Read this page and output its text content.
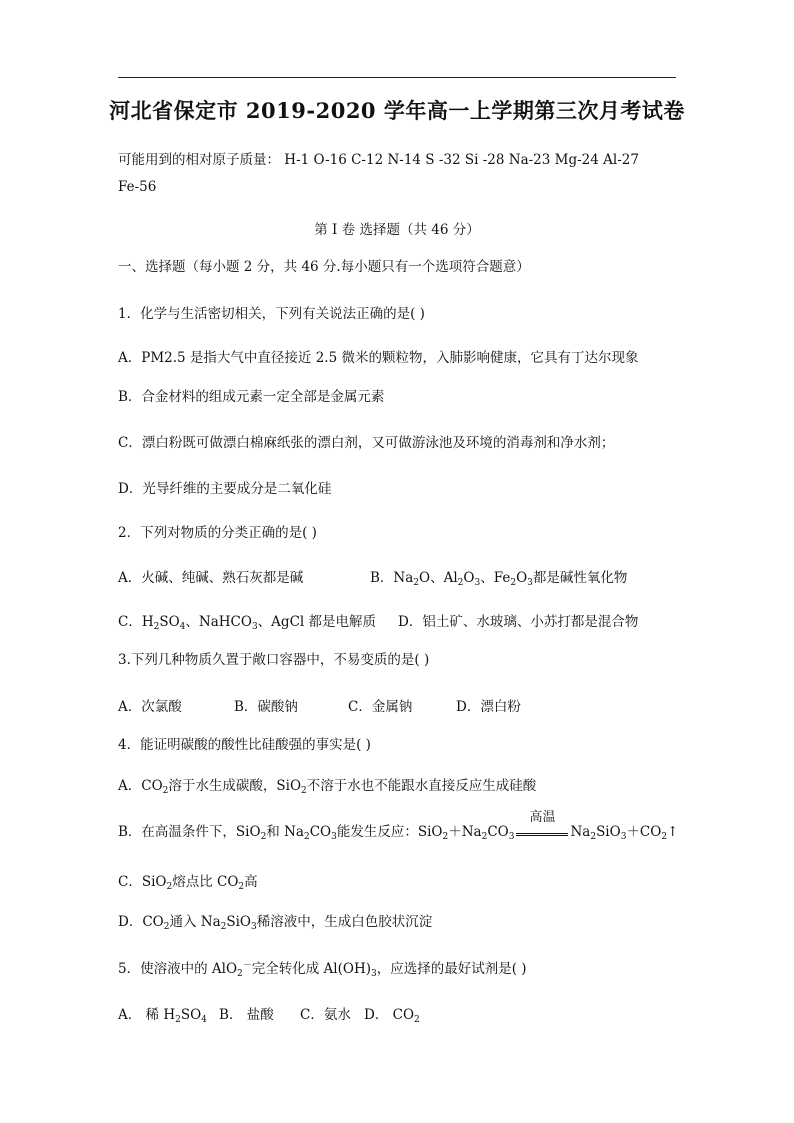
河北省保定市 2019-2020 学年高一上学期第三次月考试卷
可能用到的相对原子质量： H-1 O-16 C-12 N-14 S -32 Si -28 Na-23 Mg-24 Al-27
Fe-56
第 I 卷 选择题（共 46 分）
一、选择题（每小题 2 分，共 46 分.每小题只有一个选项符合题意）
1．化学与生活密切相关，下列有关说法正确的是( )
A．PM2.5 是指大气中直径接近 2.5 微米的颗粒物，入肺影响健康，它具有丁达尔现象
B．合金材料的组成元素一定全部是金属元素
C．漂白粉既可做漂白棉麻纸张的漂白剂，又可做游泳池及环境的消毒剂和净水剂；
D．光导纤维的主要成分是二氧化硅
2．下列对物质的分类正确的是( )
A．火碱、纯碱、熟石灰都是碱	B．$Na_2O$、$Al_2O_3$、$Fe_2O_3$都是碱性氧化物
C．$H_2SO_4$、NaHCO$_3$、AgCl 都是电解质 D．铝土矿、水玻璃、小苏打都是混合物
3.下列几种物质久置于敞口容器中，不易变质的是( )
A．次氯酸	B．碳酸钠	C．金属钠	D．漂白粉
4．能证明碳酸的酸性比硅酸强的事实是( )
A．$CO_2$溶于水生成碳酸，SiO$_2$不溶于水也不能跟水直接反应生成硅酸
B．在高温条件下，SiO$_2$和 $Na_2CO_3$能发生反应：$SiO_2+Na_2CO_3$
高温
$Na_2SiO_3+CO_2↑$
C．SiO$_2$熔点比 $CO_2$高
D．$CO_2$通入 $Na_2SiO_3$稀溶液中，生成白色胶状沉淀
5．使溶液中的 AlO$_2$－完全转化成 $Al(OH)_3$，应选择的最好试剂是( )
A． 稀 $H_2SO_4$ B． 盐酸 C．氨水 D． $CO_2$
